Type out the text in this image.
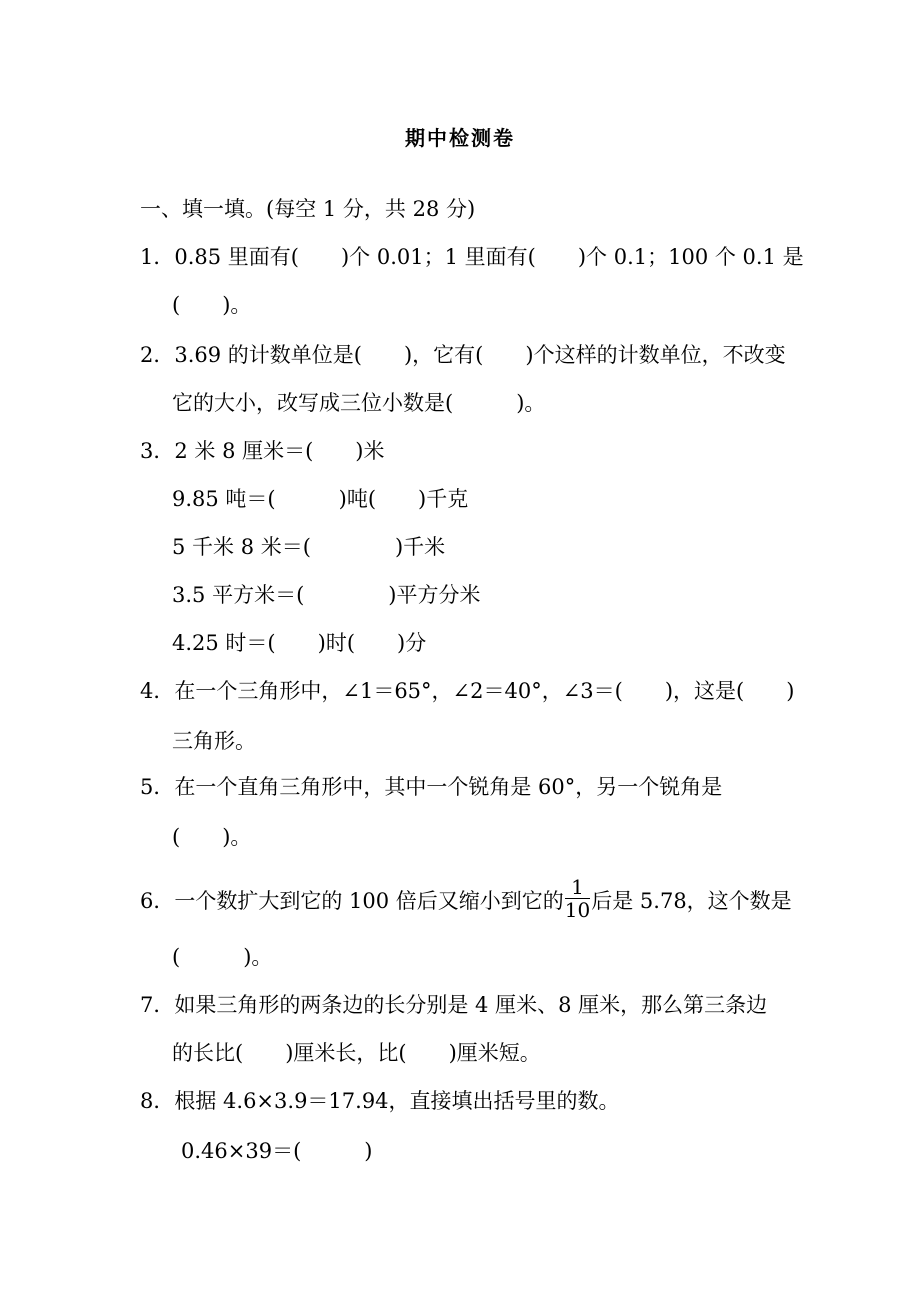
期中检测卷
一、填一填。(每空 1 分，共 28 分)
1．0.85 里面有(　　)个 0.01；1 里面有(　　)个 0.1；100 个 0.1 是
(　　)。
2．3.69 的计数单位是(　　)，它有(　　)个这样的计数单位，不改变
它的大小，改写成三位小数是(　　　)。
3．2 米 8 厘米＝(　　)米
9.85 吨＝(　　　)吨(　　)千克
5 千米 8 米＝(　　　　)千米
3.5 平方米＝(　　　　)平方分米
4.25 时＝(　　)时(　　)分
4．在一个三角形中，∠1＝65°，∠2＝40°，∠3＝(　　)，这是(　　)
三角形。
5．在一个直角三角形中，其中一个锐角是 60°，另一个锐角是
(　　)。
6．一个数扩大到它的 100 倍后又缩小到它的 $\frac{1}{10}$ 后是 5.78，这个数是
(　　　)。
7．如果三角形的两条边的长分别是 4 厘米、8 厘米，那么第三条边
的长比(　　)厘米长，比(　　)厘米短。
8．根据 4.6×3.9＝17.94，直接填出括号里的数。
0.46×39＝(　　　)
